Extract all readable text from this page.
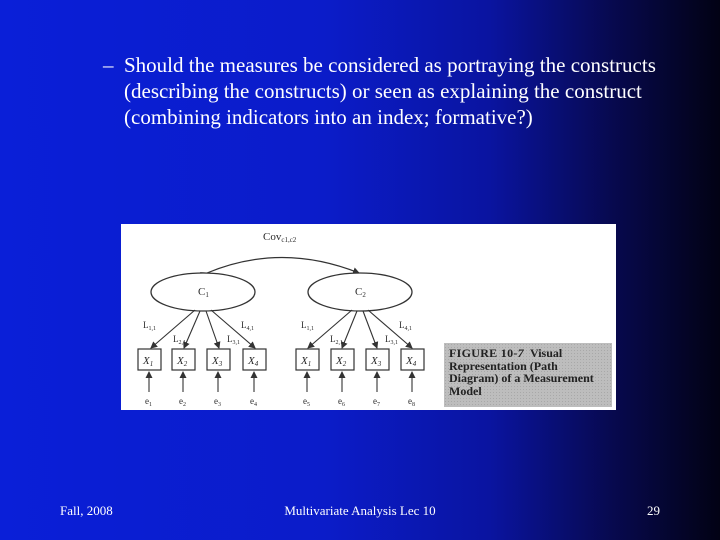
– Should the measures be considered as portraying the constructs (describing the constructs) or seen as explaining the construct (combining indicators into an index; formative?)
Covc1,c2
C1	C2
$L_{1,1}$
$L_{2,1}$	$L_{3,1}$
$L_{4,1}$	$L_{1,1}$
$L_{2,1}$	$L_{3,1}$
$L_{4,1}$
X1 X2 X3 X4	X1 X2 X3 X4
$e_1$	$e_2$	$e_3$	$e_4$	$e_5$	$e_6$	$e_7$	$e_8$
FIGURE 10-7 Visual Representation (Path Diagram) of a Measurement Model
Fall, 2008	Multivariate Analysis Lec 10	29
